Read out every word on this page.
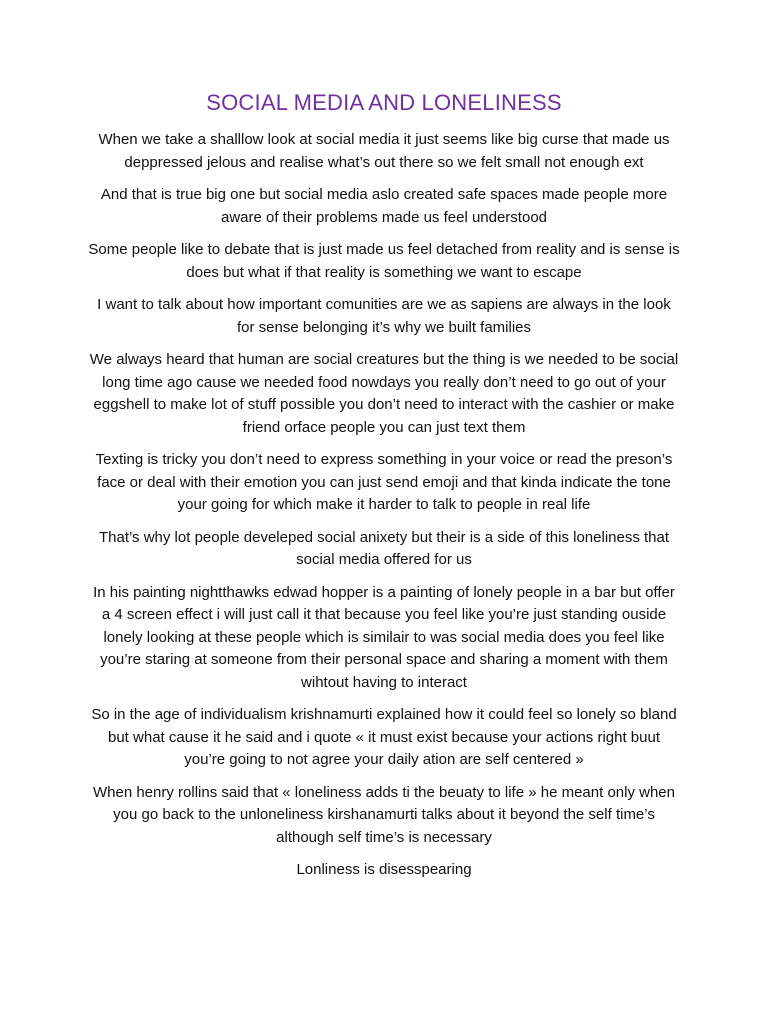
SOCIAL MEDIA AND LONELINESS

When we take a shalllow look at social media it just seems like big curse that made us deppressed jelous and realise what’s out there so we felt small not enough ext

And that is true big one but social media aslo created safe spaces made people more aware of their problems made us feel understood

Some people like to debate that is just made us feel detached from reality and is sense is does but what if that reality is something we want to escape

I want to talk about how important comunities are we as sapiens are always in the look for sense belonging it’s why we built families

We always heard that human are social creatures but the thing is we needed to be social long time ago cause we needed food nowdays you really don’t need to go out of your eggshell to make lot of stuff possible you don’t need to interact with the cashier or make friend orface people you can just text them

Texting is tricky you don’t need to express something in your voice or read the preson’s face or deal with their emotion you can just send emoji and that kinda indicate the tone your going for which make it harder to talk to people in real life

That’s why lot people develeped social anixety but their is a side of this loneliness that social media offered for us

In his painting nightthawks edwad hopper is a painting of lonely people in a bar but offer a 4 screen effect i will just call it that because you feel like you’re just standing ouside lonely looking at these people which is similair to was social media does you feel like you’re staring at someone from their personal space and sharing a moment with them wihtout having to interact

So in the age of individualism krishnamurti explained how it could feel so lonely so bland but what cause it he said and i quote « it must exist because your actions right buut you’re going to not agree your daily ation are self centered »

When henry rollins said that « loneliness adds ti the beuaty to life » he meant only when you go back to the unloneliness kirshanamurti talks about it beyond the self time’s although self time’s is necessary

Lonliness is disesspearing
